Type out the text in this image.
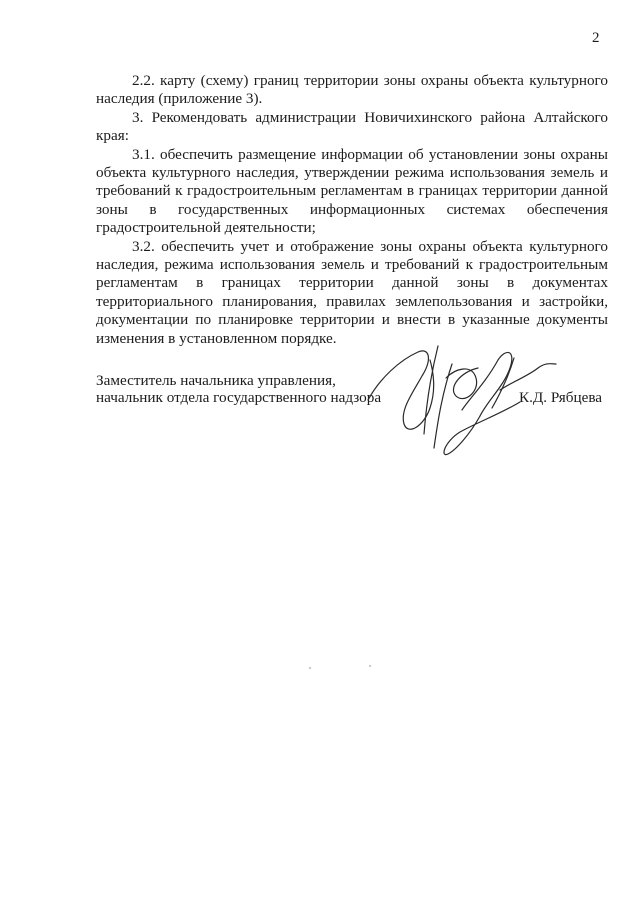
2

2.2. карту (схему) границ территории зоны охраны объекта культурного наследия (приложение 3).

3. Рекомендовать администрации Новичихинского района Алтайского края:

3.1. обеспечить размещение информации об установлении зоны охраны объекта культурного наследия, утверждении режима использования земель и требований к градостроительным регламентам в границах территории данной зоны в государственных информационных системах обеспечения градостроительной деятельности;

3.2. обеспечить учет и отображение зоны охраны объекта культурного наследия, режима использования земель и требований к градостроительным регламентам в границах территории данной зоны в документах территориального планирования, правилах землепользования и застройки, документации по планировке территории и внести в указанные документы изменения в установленном порядке.

Заместитель начальника управления,

начальник отдела государственного надзора	К.Д. Рябцева
